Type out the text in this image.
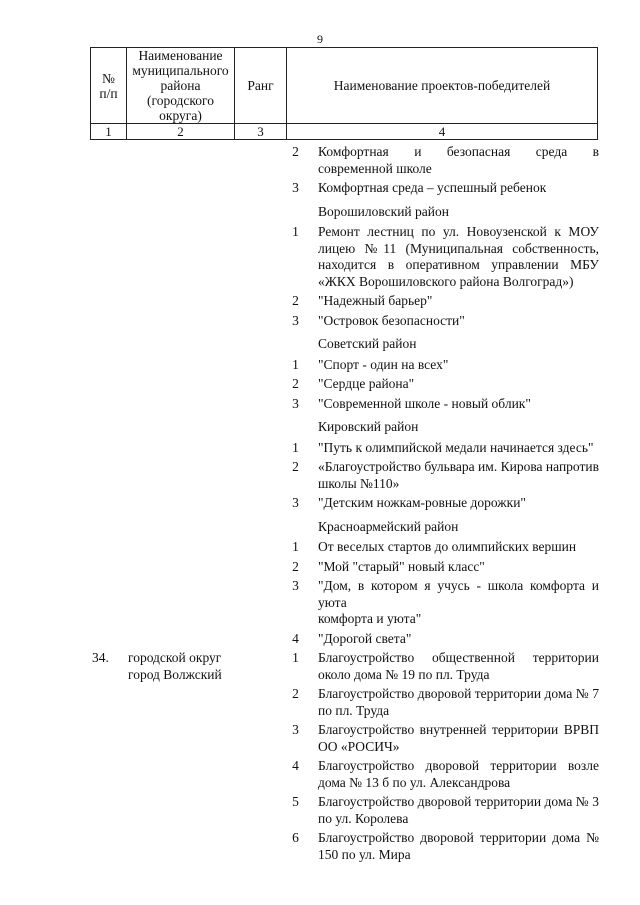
9
№
п/п	Наименование
муниципального
района (городского
округа)	Ранг	Наименование проектов-победителей
1	2	3	4
2	Комфортная и безопасная среда в
современной школе
3	Комфортная среда – успешный ребенок
Ворошиловский район
1	Ремонт лестниц по ул. Новоузенской к МОУ лицею №11 (Муниципальная собственность, находится в оперативном управлении МБУ «ЖКХ Ворошиловского района Волгоград»)
2	"Надежный барьер"
3	"Островок безопасности"
Советский район
1	"Спорт - один на всех"
2	"Сердце района"
3	"Современной школе - новый облик"
Кировский район
1	"Путь к олимпийской медали начинается здесь"
2	«Благоустройство бульвара им. Кирова напротив школы №110»
3	"Детским ножкам-ровные дорожки"
Красноармейский район
1	От веселых стартов до олимпийских вершин
2	"Мой "старый" новый класс"
3	"Дом, в котором я учусь - школа комфорта и уюта
комфорта и уюта"
4	"Дорогой света"
34.	городской округ
город Волжский
1	Благоустройство общественной территории около дома № 19 по пл. Труда
2	Благоустройство дворовой территории дома № 7 по пл. Труда
3	Благоустройство внутренней территории ВРВП ОО «РОСИЧ»
4	Благоустройство дворовой территории возле дома № 13 б по ул. Александрова
5	Благоустройство дворовой территории дома № 3 по ул. Королева
6	Благоустройство дворовой территории дома № 150 по ул. Мира
